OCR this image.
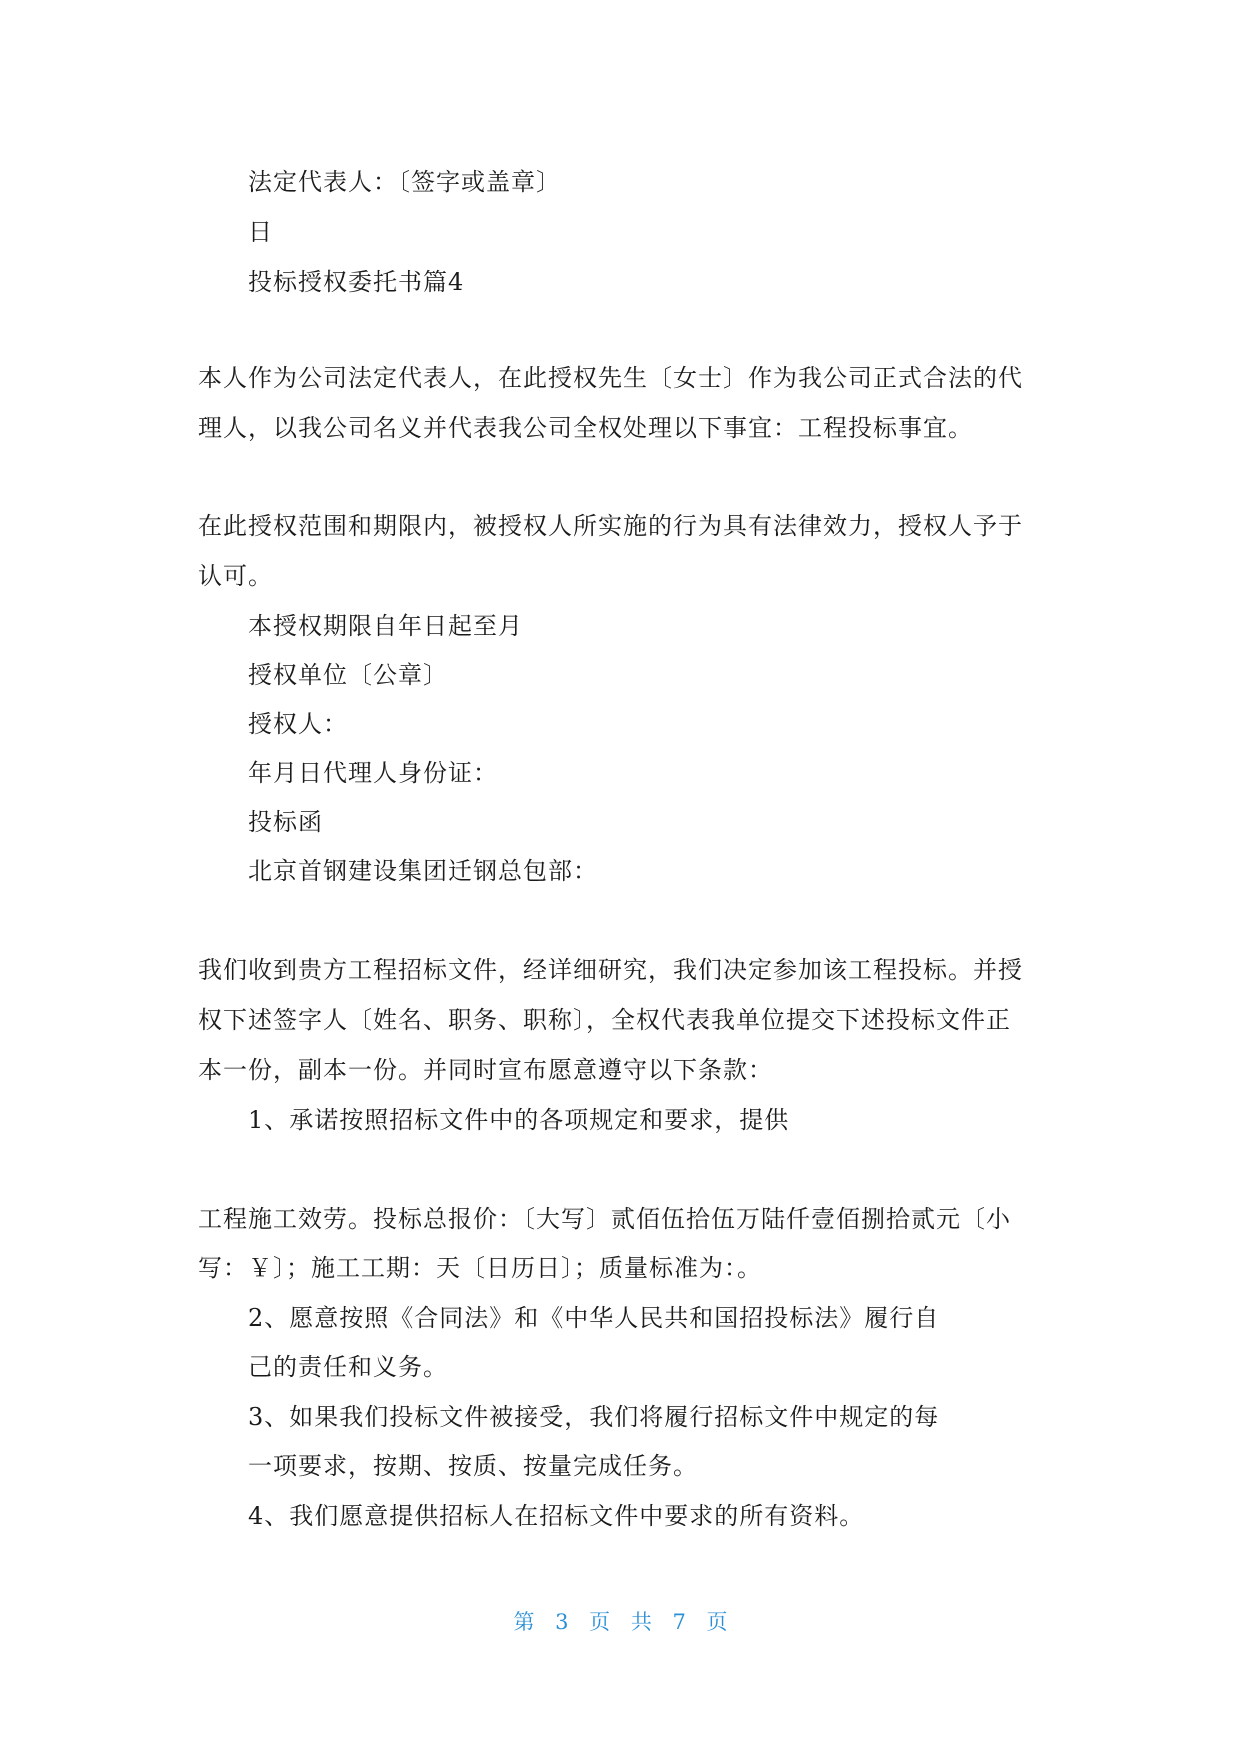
法定代表人：〔签字或盖章〕
日
投标授权委托书篇4
本人作为公司法定代表人，在此授权先生〔女士〕作为我公司正式合法的代
理人，以我公司名义并代表我公司全权处理以下事宜：工程投标事宜。
在此授权范围和期限内，被授权人所实施的行为具有法律效力，授权人予于
认可。
本授权期限自年日起至月
授权单位〔公章〕
授权人：
年月日代理人身份证：
投标函
北京首钢建设集团迁钢总包部：
我们收到贵方工程招标文件，经详细研究，我们决定参加该工程投标。并授
权下述签字人〔姓名、职务、职称〕，全权代表我单位提交下述投标文件正
本一份，副本一份。并同时宣布愿意遵守以下条款：
1、承诺按照招标文件中的各项规定和要求，提供
工程施工效劳。投标总报价：〔大写〕贰佰伍拾伍万陆仟壹佰捌拾贰元〔小
写：￥〕；施工工期：天〔日历日〕；质量标准为：。
2、愿意按照《合同法》和《中华人民共和国招投标法》履行自
己的责任和义务。
3、如果我们投标文件被接受，我们将履行招标文件中规定的每
一项要求，按期、按质、按量完成任务。
4、我们愿意提供招标人在招标文件中要求的所有资料。
第 3 页 共 7 页
